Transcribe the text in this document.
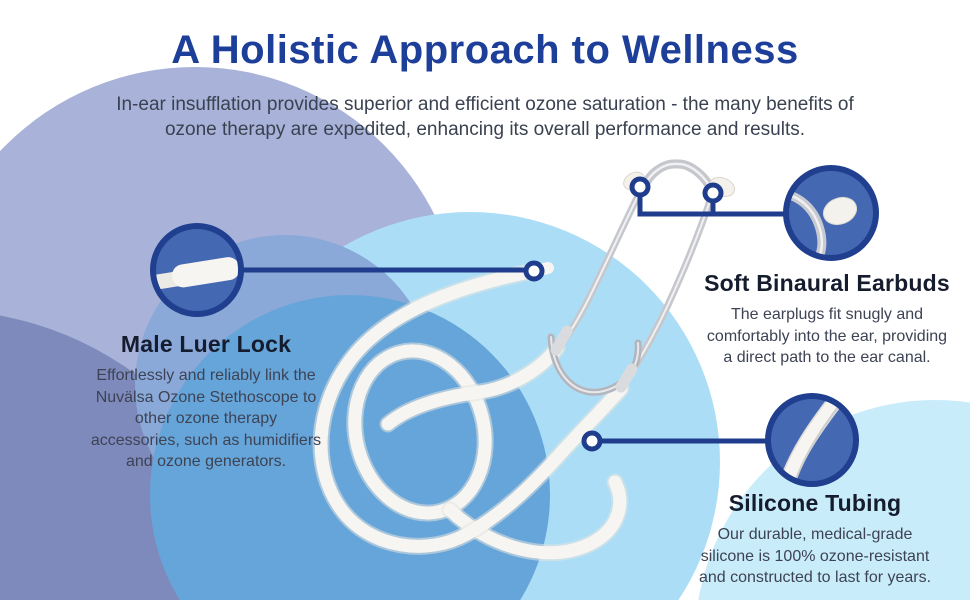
A Holistic Approach to Wellness
In-ear insufflation provides superior and efficient ozone saturation - the many benefits of
ozone therapy are expedited, enhancing its overall performance and results.
Male Luer Lock
Effortlessly and reliably link the
Nuvälsa Ozone Stethoscope to
other ozone therapy
accessories, such as humidifiers
and ozone generators.
Soft Binaural Earbuds
The earplugs fit snugly and
comfortably into the ear, providing
a direct path to the ear canal.
Silicone Tubing
Our durable, medical-grade
silicone is 100% ozone-resistant
and constructed to last for years.
